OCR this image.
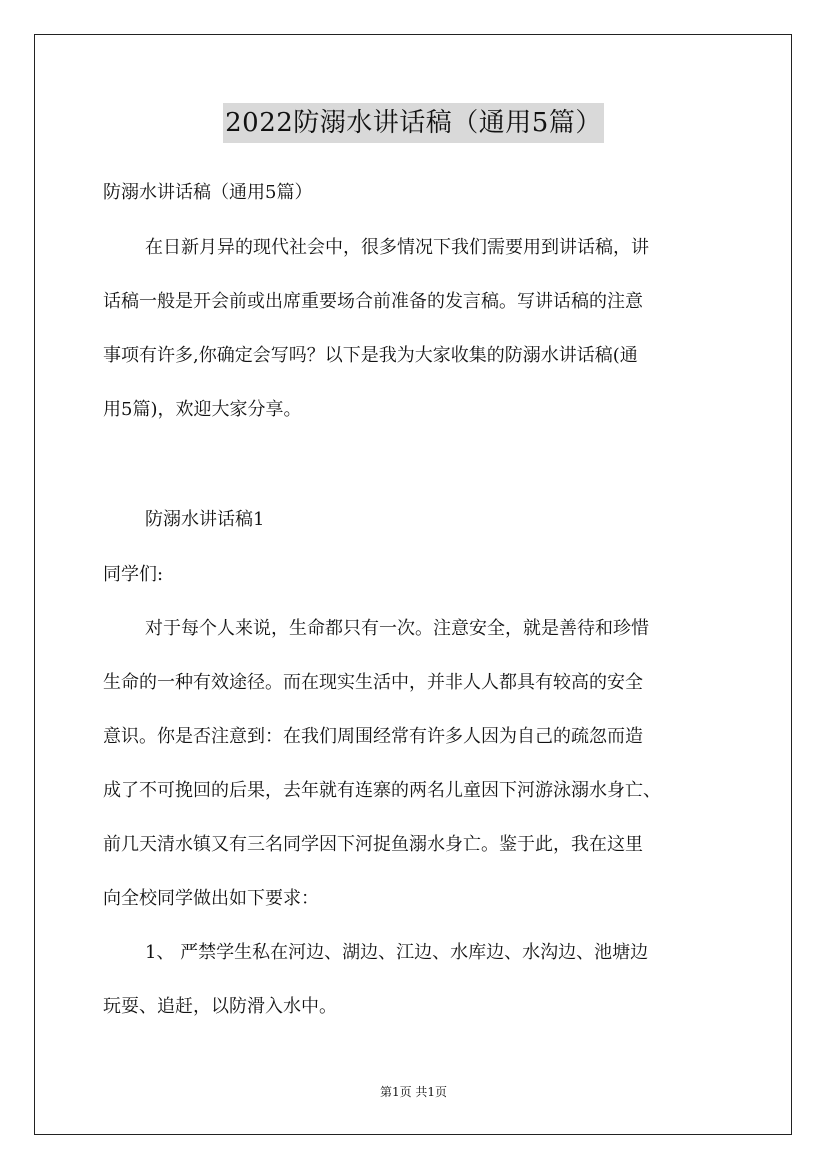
2022防溺水讲话稿（通用5篇）
防溺水讲话稿（通用5篇）
在日新月异的现代社会中，很多情况下我们需要用到讲话稿，讲
话稿一般是开会前或出席重要场合前准备的发言稿。写讲话稿的注意
事项有许多,你确定会写吗？以下是我为大家收集的防溺水讲话稿(通
用5篇)，欢迎大家分享。
防溺水讲话稿1
同学们:
对于每个人来说，生命都只有一次。注意安全，就是善待和珍惜
生命的一种有效途径。而在现实生活中，并非人人都具有较高的安全
意识。你是否注意到：在我们周围经常有许多人因为自己的疏忽而造
成了不可挽回的后果，去年就有连寨的两名儿童因下河游泳溺水身亡、
前几天清水镇又有三名同学因下河捉鱼溺水身亡。鉴于此，我在这里
向全校同学做出如下要求：
1、 严禁学生私在河边、湖边、江边、水库边、水沟边、池塘边
玩耍、追赶，以防滑入水中。
第1页 共1页
